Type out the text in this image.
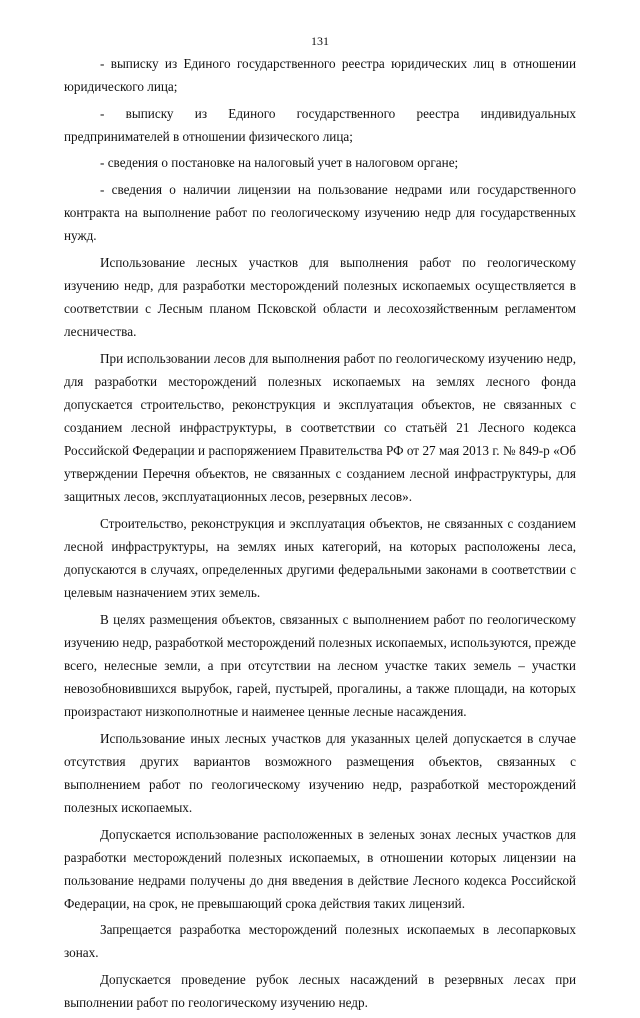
131

- выписку из Единого государственного реестра юридических лиц в отношении юридического лица;

- выписку из Единого государственного реестра индивидуальных предпринимателей в отношении физического лица;

- сведения о постановке на налоговый учет в налоговом органе;

- сведения о наличии лицензии на пользование недрами или государственного контракта на выполнение работ по геологическому изучению недр для государственных нужд.

Использование лесных участков для выполнения работ по геологическому изучению недр, для разработки месторождений полезных ископаемых осуществляется в соответствии с Лесным планом Псковской области и лесохозяйственным регламентом лесничества.

При использовании лесов для выполнения работ по геологическому изучению недр, для разработки месторождений полезных ископаемых на землях лесного фонда допускается строительство, реконструкция и эксплуатация объектов, не связанных с созданием лесной инфраструктуры, в соответствии со статьёй 21 Лесного кодекса Российской Федерации и распоряжением Правительства РФ от 27 мая 2013 г. № 849-р «Об утверждении Перечня объектов, не связанных с созданием лесной инфраструктуры, для защитных лесов, эксплуатационных лесов, резервных лесов».

Строительство, реконструкция и эксплуатация объектов, не связанных с созданием лесной инфраструктуры, на землях иных категорий, на которых расположены леса, допускаются в случаях, определенных другими федеральными законами в соответствии с целевым назначением этих земель.

В целях размещения объектов, связанных с выполнением работ по геологическому изучению недр, разработкой месторождений полезных ископаемых, используются, прежде всего, нелесные земли, а при отсутствии на лесном участке таких земель – участки невозобновившихся вырубок, гарей, пустырей, прогалины, а также площади, на которых произрастают низкополнотные и наименее ценные лесные насаждения.

Использование иных лесных участков для указанных целей допускается в случае отсутствия других вариантов возможного размещения объектов, связанных с выполнением работ по геологическому изучению недр, разработкой месторождений полезных ископаемых.

Допускается использование расположенных в зеленых зонах лесных участков для разработки месторождений полезных ископаемых, в отношении которых лицензии на пользование недрами получены до дня введения в действие Лесного кодекса Российской Федерации, на срок, не превышающий срока действия таких лицензий.

Запрещается разработка месторождений полезных ископаемых в лесопарковых зонах.

Допускается проведение рубок лесных насаждений в резервных лесах при выполнении работ по геологическому изучению недр.
